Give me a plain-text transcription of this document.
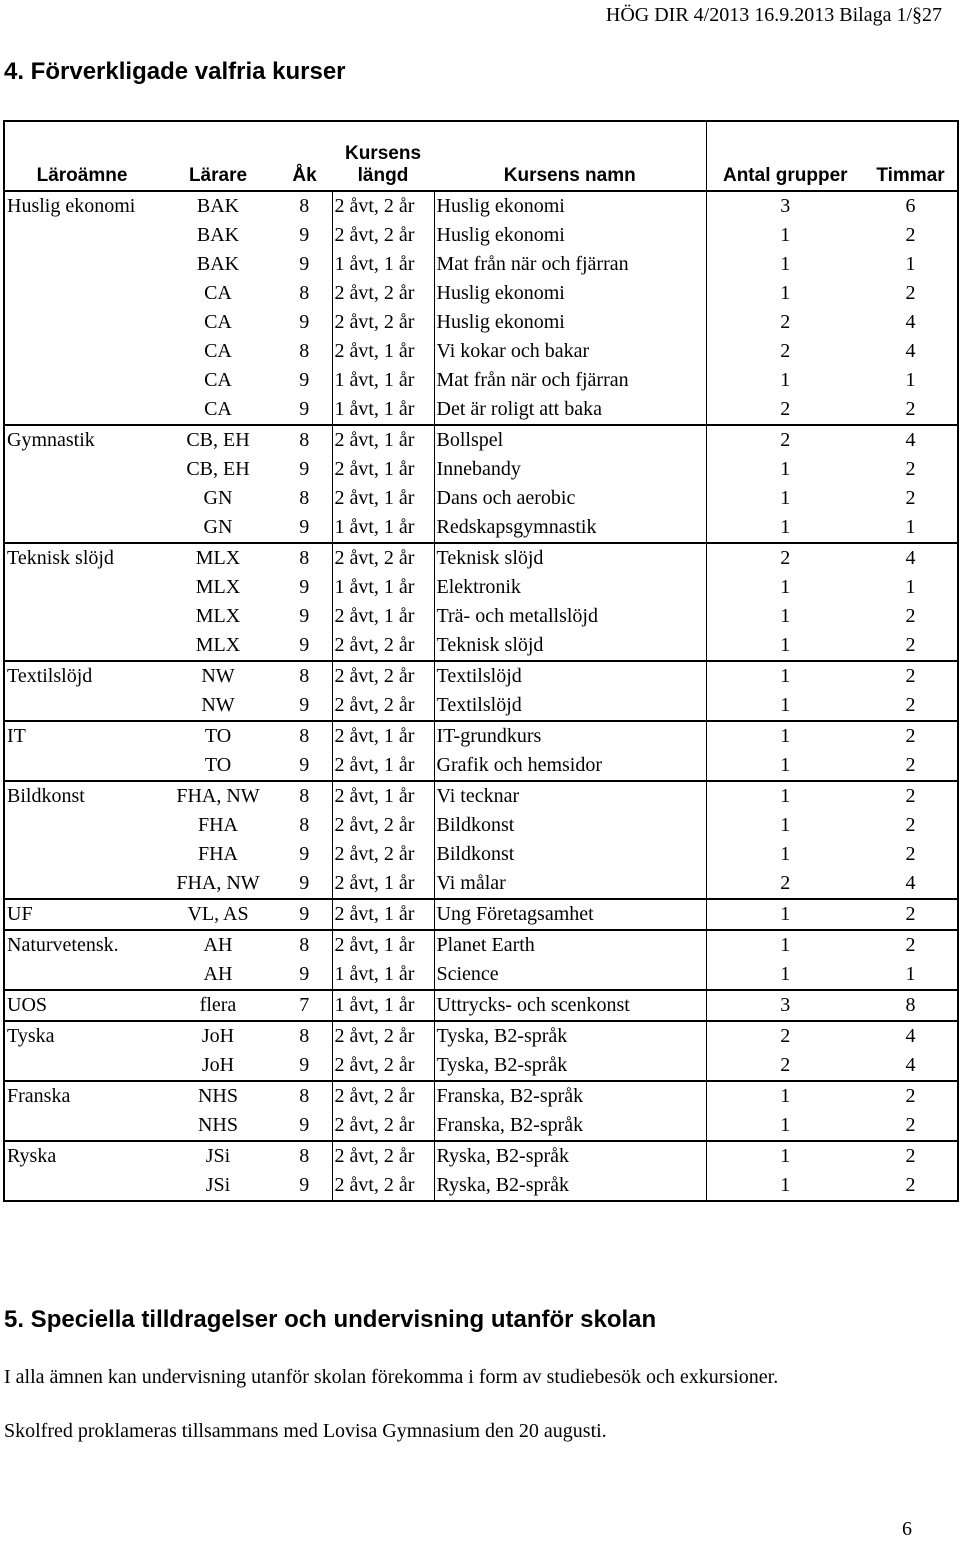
HÖG DIR 4/2013 16.9.2013 Bilaga 1/§27
4. Förverkligade valfria kurser
Läroämne	Lärare	Åk	Kursens
längd	Kursens namn	Antal grupper	Timmar
Huslig ekonomi	BAK	8	2 åvt, 2 år	Huslig ekonomi	3	6
	BAK	9	2 åvt, 2 år	Huslig ekonomi	1	2
	BAK	9	1 åvt, 1 år	Mat från när och fjärran	1	1
	CA	8	2 åvt, 2 år	Huslig ekonomi	1	2
	CA	9	2 åvt, 2 år	Huslig ekonomi	2	4
	CA	8	2 åvt, 1 år	Vi kokar och bakar	2	4
	CA	9	1 åvt, 1 år	Mat från när och fjärran	1	1
	CA	9	1 åvt, 1 år	Det är roligt att baka	2	2
Gymnastik	CB, EH	8	2 åvt, 1 år	Bollspel	2	4
	CB, EH	9	2 åvt, 1 år	Innebandy	1	2
	GN	8	2 åvt, 1 år	Dans och aerobic	1	2
	GN	9	1 åvt, 1 år	Redskapsgymnastik	1	1
Teknisk slöjd	MLX	8	2 åvt, 2 år	Teknisk slöjd	2	4
	MLX	9	1 åvt, 1 år	Elektronik	1	1
	MLX	9	2 åvt, 1 år	Trä- och metallslöjd	1	2
	MLX	9	2 åvt, 2 år	Teknisk slöjd	1	2
Textilslöjd	NW	8	2 åvt, 2 år	Textilslöjd	1	2
	NW	9	2 åvt, 2 år	Textilslöjd	1	2
IT	TO	8	2 åvt, 1 år	IT-grundkurs	1	2
	TO	9	2 åvt, 1 år	Grafik och hemsidor	1	2
Bildkonst	FHA, NW	8	2 åvt, 1 år	Vi tecknar	1	2
	FHA	8	2 åvt, 2 år	Bildkonst	1	2
	FHA	9	2 åvt, 2 år	Bildkonst	1	2
	FHA, NW	9	2 åvt, 1 år	Vi målar	2	4
UF	VL, AS	9	2 åvt, 1 år	Ung Företagsamhet	1	2
Naturvetensk.	AH	8	2 åvt, 1 år	Planet Earth	1	2
	AH	9	1 åvt, 1 år	Science	1	1
UOS	flera	7	1 åvt, 1 år	Uttrycks- och scenkonst	3	8
Tyska	JoH	8	2 åvt, 2 år	Tyska, B2-språk	2	4
	JoH	9	2 åvt, 2 år	Tyska, B2-språk	2	4
Franska	NHS	8	2 åvt, 2 år	Franska, B2-språk	1	2
	NHS	9	2 åvt, 2 år	Franska, B2-språk	1	2
Ryska	JSi	8	2 åvt, 2 år	Ryska, B2-språk	1	2
	JSi	9	2 åvt, 2 år	Ryska, B2-språk	1	2
5. Speciella tilldragelser och undervisning utanför skolan

I alla ämnen kan undervisning utanför skolan förekomma i form av studiebesök och exkursioner.

Skolfred proklameras tillsammans med Lovisa Gymnasium den 20 augusti.

6
